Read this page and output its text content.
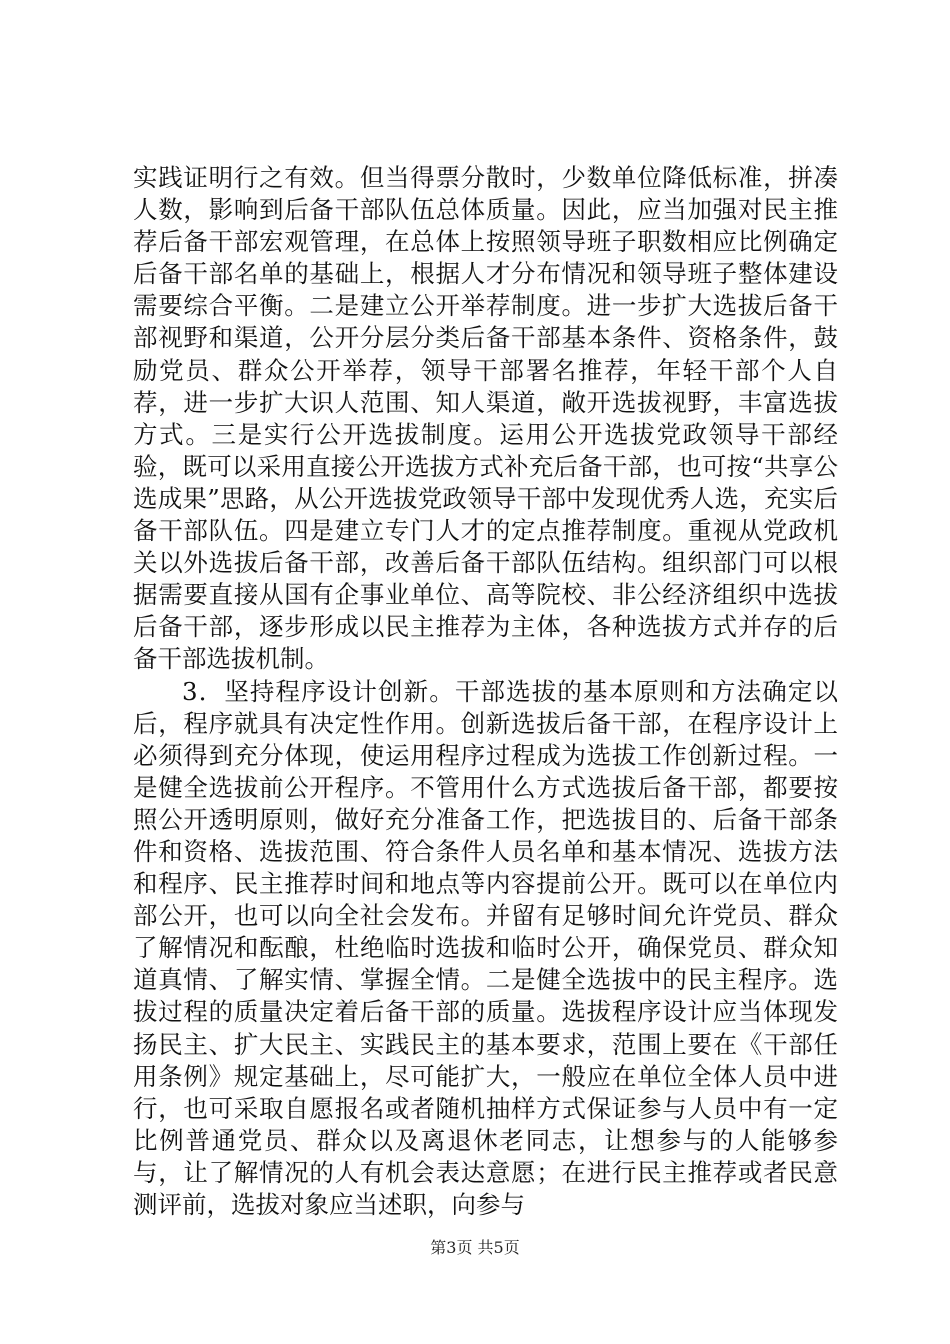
实践证明行之有效。但当得票分散时，少数单位降低标准，拼凑人数，影响到后备干部队伍总体质量。因此，应当加强对民主推荐后备干部宏观管理，在总体上按照领导班子职数相应比例确定后备干部名单的基础上，根据人才分布情况和领导班子整体建设需要综合平衡。二是建立公开举荐制度。进一步扩大选拔后备干部视野和渠道，公开分层分类后备干部基本条件、资格条件，鼓励党员、群众公开举荐，领导干部署名推荐，年轻干部个人自荐，进一步扩大识人范围、知人渠道，敞开选拔视野，丰富选拔方式。三是实行公开选拔制度。运用公开选拔党政领导干部经验，既可以采用直接公开选拔方式补充后备干部，也可按“共享公选成果”思路，从公开选拔党政领导干部中发现优秀人选，充实后备干部队伍。四是建立专门人才的定点推荐制度。重视从党政机关以外选拔后备干部，改善后备干部队伍结构。组织部门可以根据需要直接从国有企事业单位、高等院校、非公经济组织中选拔后备干部，逐步形成以民主推荐为主体，各种选拔方式并存的后备干部选拔机制。

3．坚持程序设计创新。干部选拔的基本原则和方法确定以后，程序就具有决定性作用。创新选拔后备干部，在程序设计上必须得到充分体现，使运用程序过程成为选拔工作创新过程。一是健全选拔前公开程序。不管用什么方式选拔后备干部，都要按照公开透明原则，做好充分准备工作，把选拔目的、后备干部条件和资格、选拔范围、符合条件人员名单和基本情况、选拔方法和程序、民主推荐时间和地点等内容提前公开。既可以在单位内部公开，也可以向全社会发布。并留有足够时间允许党员、群众了解情况和酝酿，杜绝临时选拔和临时公开，确保党员、群众知道真情、了解实情、掌握全情。二是健全选拔中的民主程序。选拔过程的质量决定着后备干部的质量。选拔程序设计应当体现发扬民主、扩大民主、实践民主的基本要求，范围上要在《干部任用条例》规定基础上，尽可能扩大，一般应在单位全体人员中进行，也可采取自愿报名或者随机抽样方式保证参与人员中有一定比例普通党员、群众以及离退休老同志，让想参与的人能够参与，让了解情况的人有机会表达意愿；在进行民主推荐或者民意测评前，选拔对象应当述职，向参与

第3页 共5页
